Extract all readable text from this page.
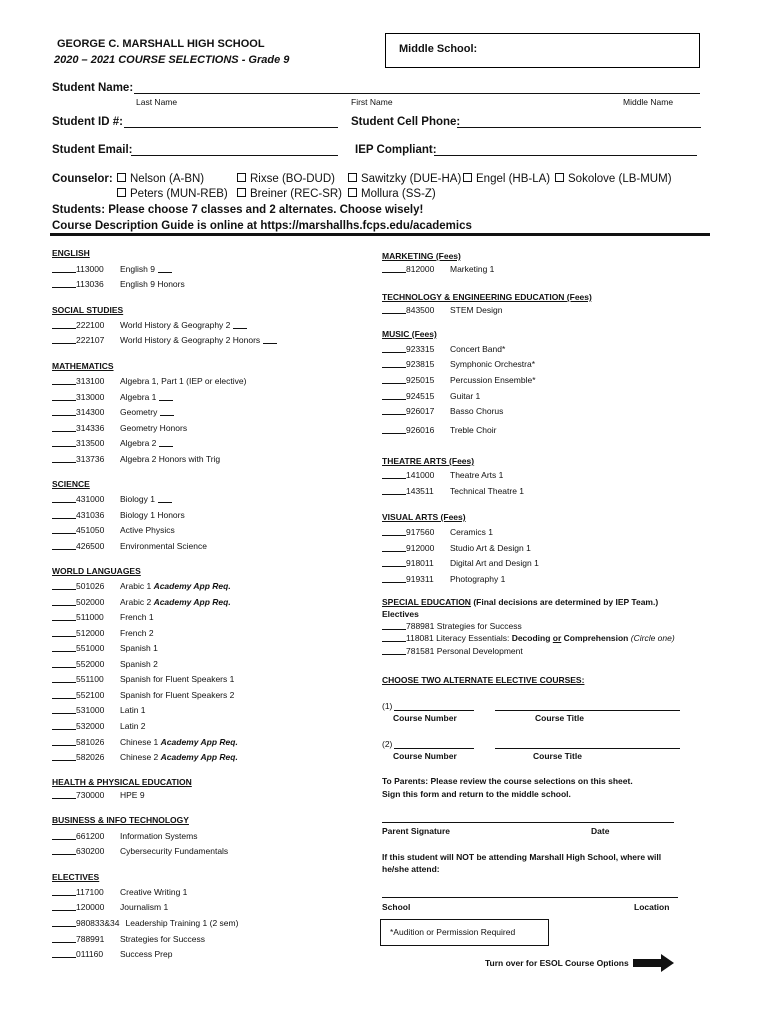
GEORGE C. MARSHALL HIGH SCHOOL
2020 – 2021 COURSE SELECTIONS - Grade 9
Middle School:
Student Name:
Last Name	First Name	Middle Name
Student ID #:	Student Cell Phone:
Student Email:	IEP Compliant:
Counselor:	Nelson (A-BN)	Rixse (BO-DUD)	Sawitzky (DUE-HA)	Engel (HB-LA)	Sokolove (LB-MUM)
Peters (MUN-REB)	Breiner (REC-SR)	Mollura (SS-Z)
Students: Please choose 7 classes and 2 alternates. Choose wisely!
Course Description Guide is online at https://marshallhs.fcps.edu/academics
ENGLISH
113000 English 9
113036 English 9 Honors
SOCIAL STUDIES
222100 World History & Geography 2
222107 World History & Geography 2 Honors
MATHEMATICS
313100 Algebra 1, Part 1 (IEP or elective)
313000 Algebra 1
314300 Geometry
314336 Geometry Honors
313500 Algebra 2
313736 Algebra 2 Honors with Trig
SCIENCE
431000 Biology 1
431036 Biology 1 Honors
451050 Active Physics
426500 Environmental Science
WORLD LANGUAGES
501026 Arabic 1 Academy App Req.
502000 Arabic 2 Academy App Req.
511000 French 1
512000 French 2
551000 Spanish 1
552000 Spanish 2
551100 Spanish for Fluent Speakers 1
552100 Spanish for Fluent Speakers 2
531000 Latin 1
532000 Latin 2
581026 Chinese 1 Academy App Req.
582026 Chinese 2 Academy App Req.
HEALTH & PHYSICAL EDUCATION
730000 HPE 9
BUSINESS & INFO TECHNOLOGY
661200 Information Systems
630200 Cybersecurity Fundamentals
ELECTIVES
117100 Creative Writing 1
120000 Journalism 1
980833&34 Leadership Training 1 (2 sem)
788991 Strategies for Success
011160 Success Prep
MARKETING (Fees)
812000 Marketing 1
TECHNOLOGY & ENGINEERING EDUCATION (Fees)
843500 STEM Design
MUSIC (Fees)
923315 Concert Band*
923815 Symphonic Orchestra*
925015 Percussion Ensemble*
924515 Guitar 1
926017 Basso Chorus
926016 Treble Choir
THEATRE ARTS (Fees)
141000 Theatre Arts 1
143511 Technical Theatre 1
VISUAL ARTS (Fees)
917560 Ceramics 1
912000 Studio Art & Design 1
918011 Digital Art and Design 1
919311 Photography 1
SPECIAL EDUCATION (Final decisions are determined by IEP Team.)
Electives
788981 Strategies for Success
118081 Literacy Essentials: Decoding or Comprehension (Circle one)
781581 Personal Development
CHOOSE TWO ALTERNATE ELECTIVE COURSES:
(1)
Course Number	Course Title
(2)
Course Number	Course Title
To Parents: Please review the course selections on this sheet.
Sign this form and return to the middle school.
Parent Signature	Date
If this student will NOT be attending Marshall High School, where will
he/she attend:
School	Location
*Audition or Permission Required
Turn over for ESOL Course Options
